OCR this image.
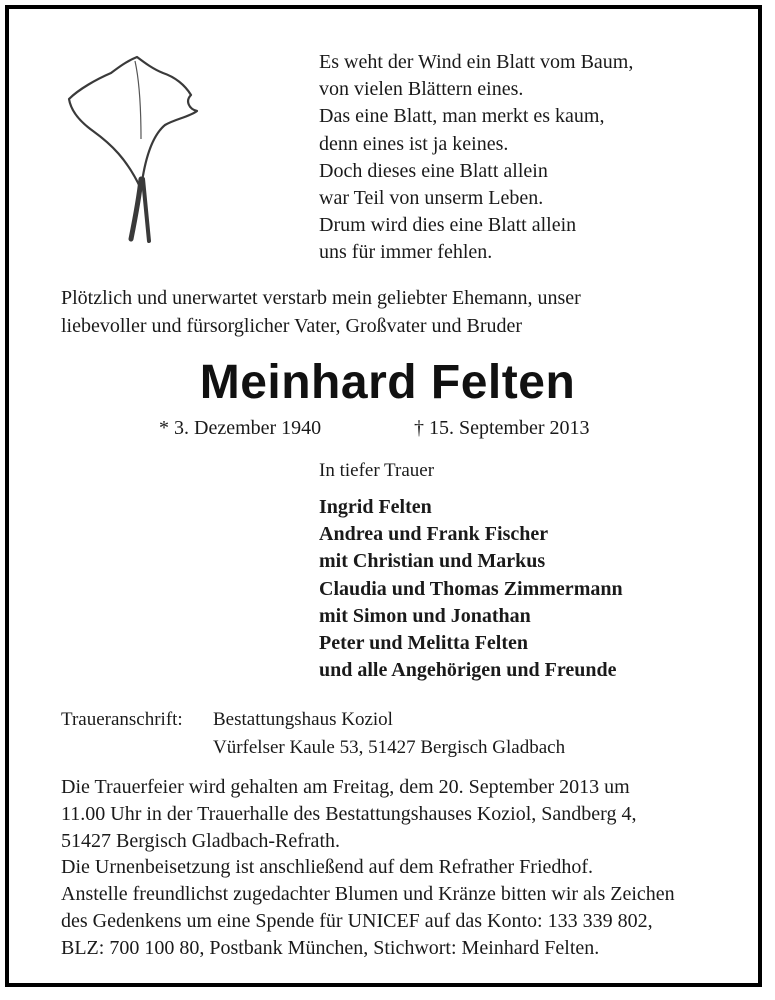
Es weht der Wind ein Blatt vom Baum,
von vielen Blättern eines.
Das eine Blatt, man merkt es kaum,
denn eines ist ja keines.
Doch dieses eine Blatt allein
war Teil von unserm Leben.
Drum wird dies eine Blatt allein
uns für immer fehlen.
Plötzlich und unerwartet verstarb mein geliebter Ehemann, unser
liebevoller und fürsorglicher Vater, Großvater und Bruder
Meinhard Felten
* 3. Dezember 1940	† 15. September 2013
In tiefer Trauer
Ingrid Felten
Andrea und Frank Fischer
mit Christian und Markus
Claudia und Thomas Zimmermann
mit Simon und Jonathan
Peter und Melitta Felten
und alle Angehörigen und Freunde
Traueranschrift: Bestattungshaus Koziol
Vürfelser Kaule 53, 51427 Bergisch Gladbach
Die Trauerfeier wird gehalten am Freitag, dem 20. September 2013 um
11.00 Uhr in der Trauerhalle des Bestattungshauses Koziol, Sandberg 4,
51427 Bergisch Gladbach-Refrath.
Die Urnenbeisetzung ist anschließend auf dem Refrather Friedhof.
Anstelle freundlichst zugedachter Blumen und Kränze bitten wir als Zeichen
des Gedenkens um eine Spende für UNICEF auf das Konto: 133 339 802,
BLZ: 700 100 80, Postbank München, Stichwort: Meinhard Felten.
